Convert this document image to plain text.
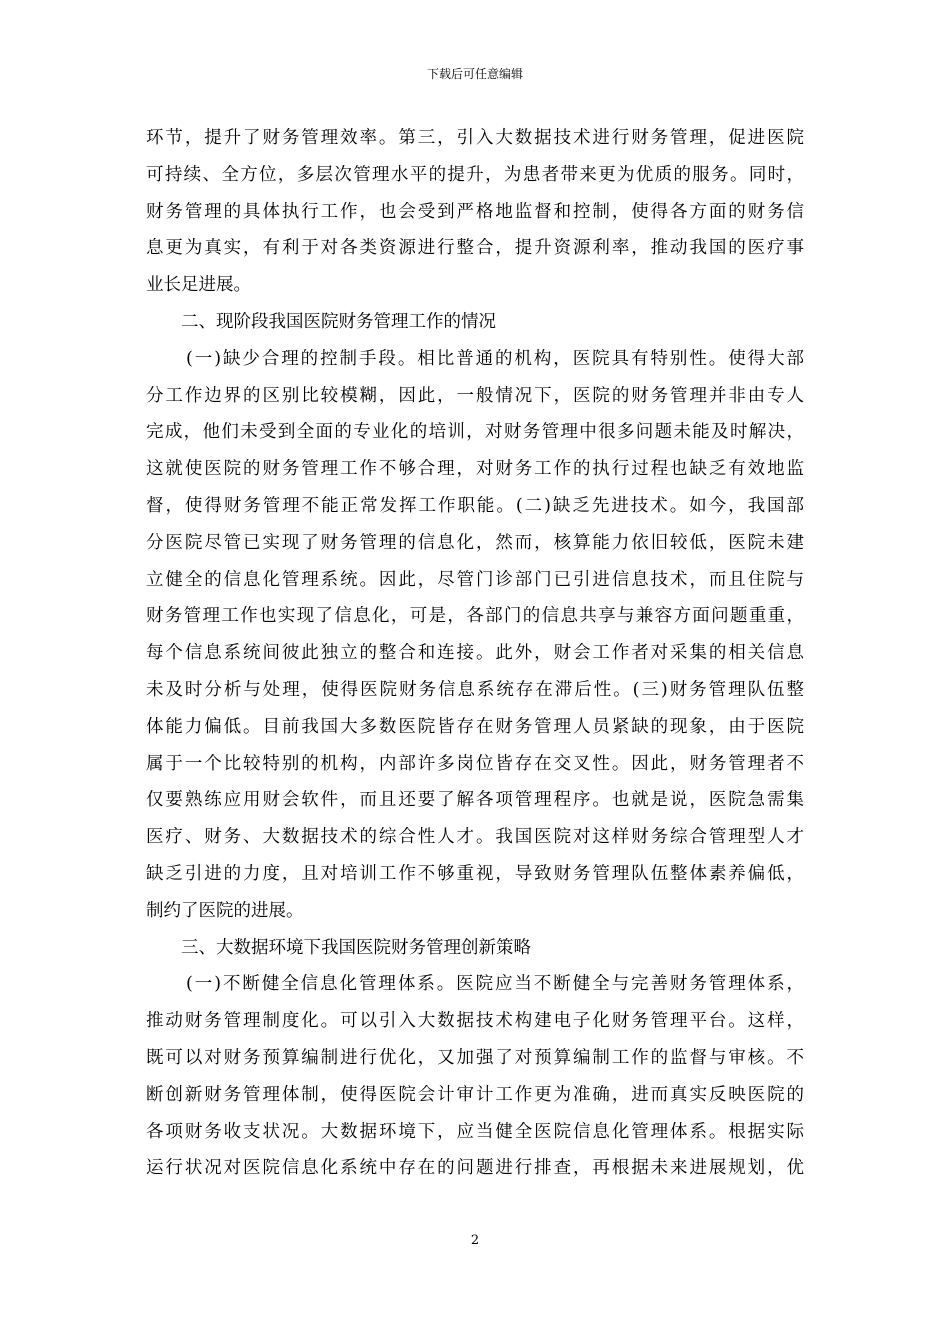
下载后可任意编辑
环节，提升了财务管理效率。第三，引入大数据技术进行财务管理，促进医院
可持续、全方位，多层次管理水平的提升，为患者带来更为优质的服务。同时，
财务管理的具体执行工作，也会受到严格地监督和控制，使得各方面的财务信
息更为真实，有利于对各类资源进行整合，提升资源利率，推动我国的医疗事
业长足进展。
二、现阶段我国医院财务管理工作的情况
(一)缺少合理的控制手段。相比普通的机构，医院具有特别性。使得大部
分工作边界的区别比较模糊，因此，一般情况下，医院的财务管理并非由专人
完成，他们未受到全面的专业化的培训，对财务管理中很多问题未能及时解决，
这就使医院的财务管理工作不够合理，对财务工作的执行过程也缺乏有效地监
督，使得财务管理不能正常发挥工作职能。(二)缺乏先进技术。如今，我国部
分医院尽管已实现了财务管理的信息化，然而，核算能力依旧较低，医院未建
立健全的信息化管理系统。因此，尽管门诊部门已引进信息技术，而且住院与
财务管理工作也实现了信息化，可是，各部门的信息共享与兼容方面问题重重，
每个信息系统间彼此独立的整合和连接。此外，财会工作者对采集的相关信息
未及时分析与处理，使得医院财务信息系统存在滞后性。(三)财务管理队伍整
体能力偏低。目前我国大多数医院皆存在财务管理人员紧缺的现象，由于医院
属于一个比较特别的机构，内部许多岗位皆存在交叉性。因此，财务管理者不
仅要熟练应用财会软件，而且还要了解各项管理程序。也就是说，医院急需集
医疗、财务、大数据技术的综合性人才。我国医院对这样财务综合管理型人才
缺乏引进的力度，且对培训工作不够重视，导致财务管理队伍整体素养偏低，
制约了医院的进展。
三、大数据环境下我国医院财务管理创新策略
(一)不断健全信息化管理体系。医院应当不断健全与完善财务管理体系，
推动财务管理制度化。可以引入大数据技术构建电子化财务管理平台。这样，
既可以对财务预算编制进行优化，又加强了对预算编制工作的监督与审核。不
断创新财务管理体制，使得医院会计审计工作更为准确，进而真实反映医院的
各项财务收支状况。大数据环境下，应当健全医院信息化管理体系。根据实际
运行状况对医院信息化系统中存在的问题进行排查，再根据未来进展规划，优
2
